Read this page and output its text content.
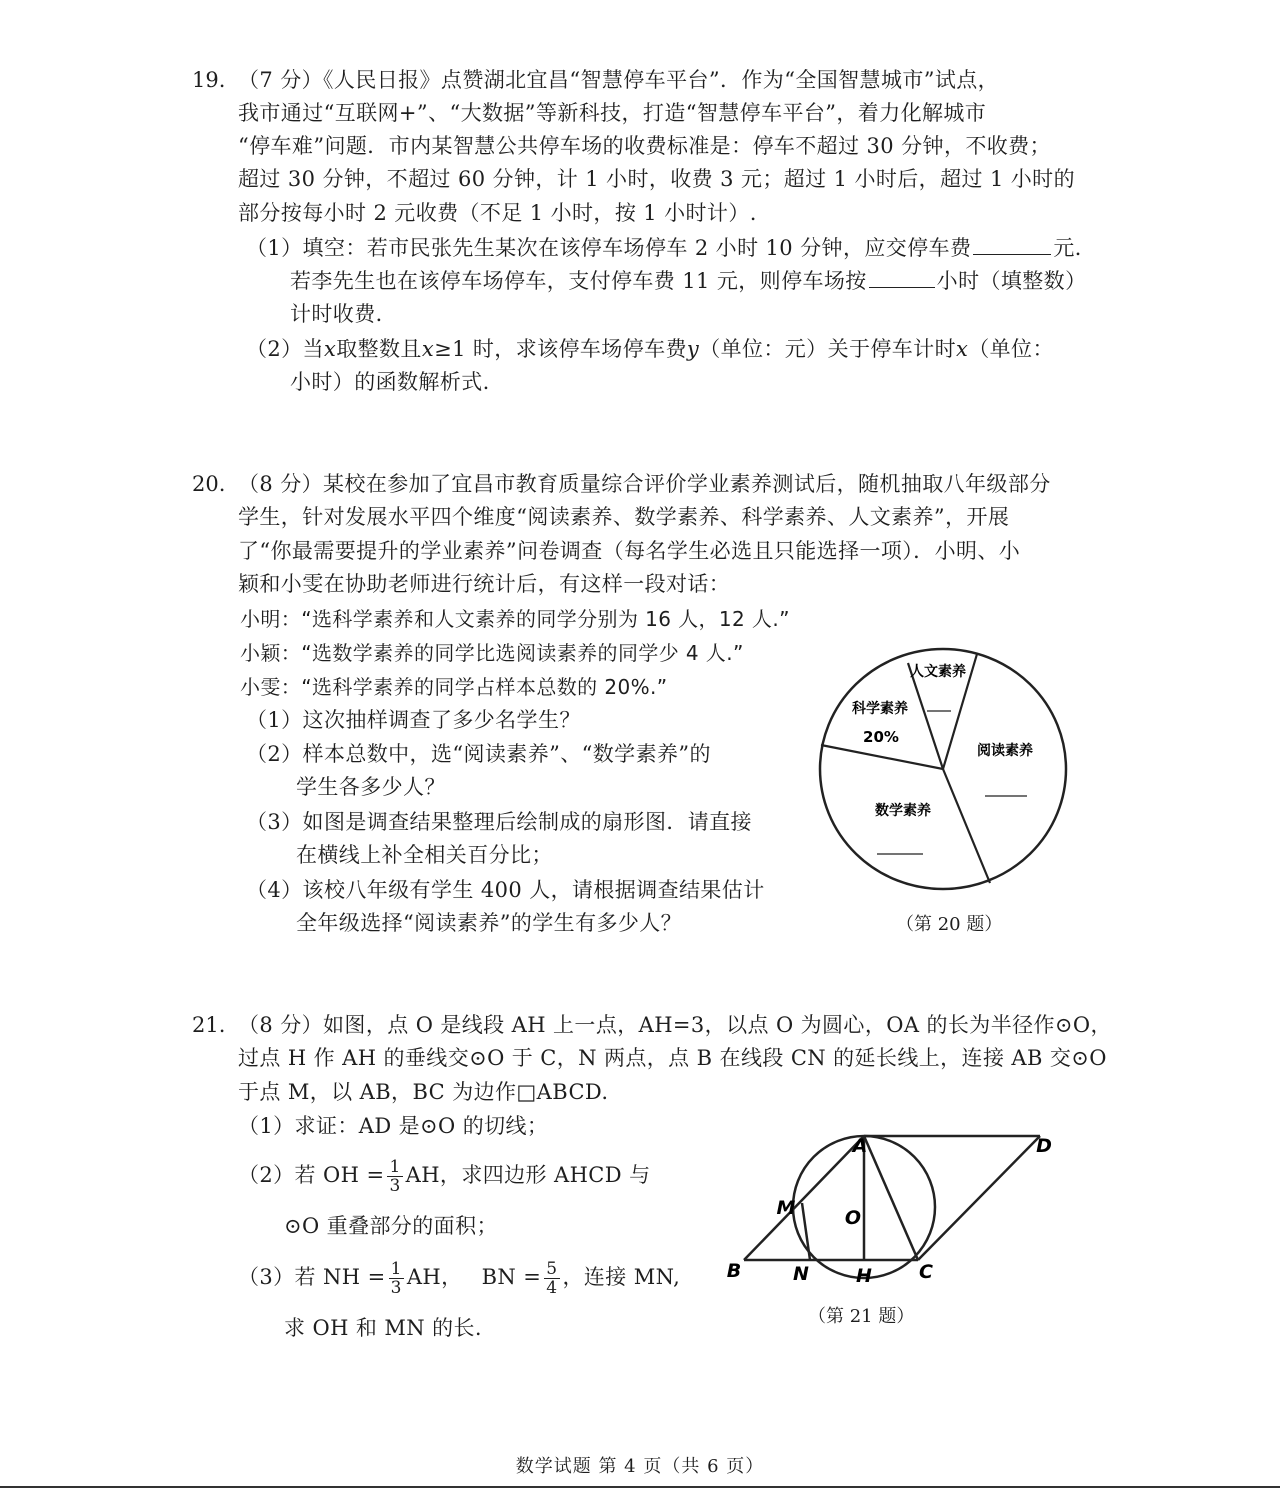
19. （7 分）《人民日报》点赞湖北宜昌“智慧停车平台”．作为“全国智慧城市”试点，
我市通过“互联网+”、“大数据”等新科技，打造“智慧停车平台”，着力化解城市
“停车难”问题．市内某智慧公共停车场的收费标准是：停车不超过 30 分钟，不收费；
超过 30 分钟，不超过 60 分钟，计 1 小时，收费 3 元；超过 1 小时后，超过 1 小时的
部分按每小时 2 元收费（不足 1 小时，按 1 小时计）.
（1）填空：若市民张先生某次在该停车场停车 2 小时 10 分钟，应交停车费	元．
若李先生也在该停车场停车，支付停车费 11 元，则停车场按	小时（填整数）
计时收费．
（2）当x取整数且x≥1 时，求该停车场停车费y（单位：元）关于停车计时x（单位：
小时）的函数解析式.
20. （8 分）某校在参加了宜昌市教育质量综合评价学业素养测试后，随机抽取八年级部分
学生，针对发展水平四个维度“阅读素养、数学素养、科学素养、人文素养”，开展
了“你最需要提升的学业素养”问卷调查（每名学生必选且只能选择一项）．小明、小
颖和小雯在协助老师进行统计后，有这样一段对话：
小明：“选科学素养和人文素养的同学分别为 16 人，12 人.”
小颖：“选数学素养的同学比选阅读素养的同学少 4 人.”
小雯：“选科学素养的同学占样本总数的 20%.”
（1）这次抽样调查了多少名学生？
（2）样本总数中，选“阅读素养”、“数学素养”的
学生各多少人？
（3）如图是调查结果整理后绘制成的扇形图．请直接
在横线上补全相关百分比；
（4）该校八年级有学生 400 人，请根据调查结果估计
全年级选择“阅读素养”的学生有多少人？
人文素养
科学素养
20%
阅读素养
数学素养
（第 20 题）
21. （8 分）如图，点 O 是线段 AH 上一点，AH=3，以点 O 为圆心，OA 的长为半径作⊙O，
过点 H 作 AH 的垂线交⊙O 于 C，N 两点，点 B 在线段 CN 的延长线上，连接 AB 交⊙O
于点 M，以 AB，BC 为边作□ABCD.
（1）求证：AD 是⊙O 的切线；
（2）若 OH = $\frac{1}{3}$ AH，求四边形 AHCD 与
⊙O 重叠部分的面积；
（3）若 NH = $\frac{1}{3}$ AH， BN = $\frac{5}{4}$ ，连接 MN,
求 OH 和 MN 的长.
A	D
M	O
B	N H C
（第 21 题）
数学试题 第 4 页（共 6 页）
